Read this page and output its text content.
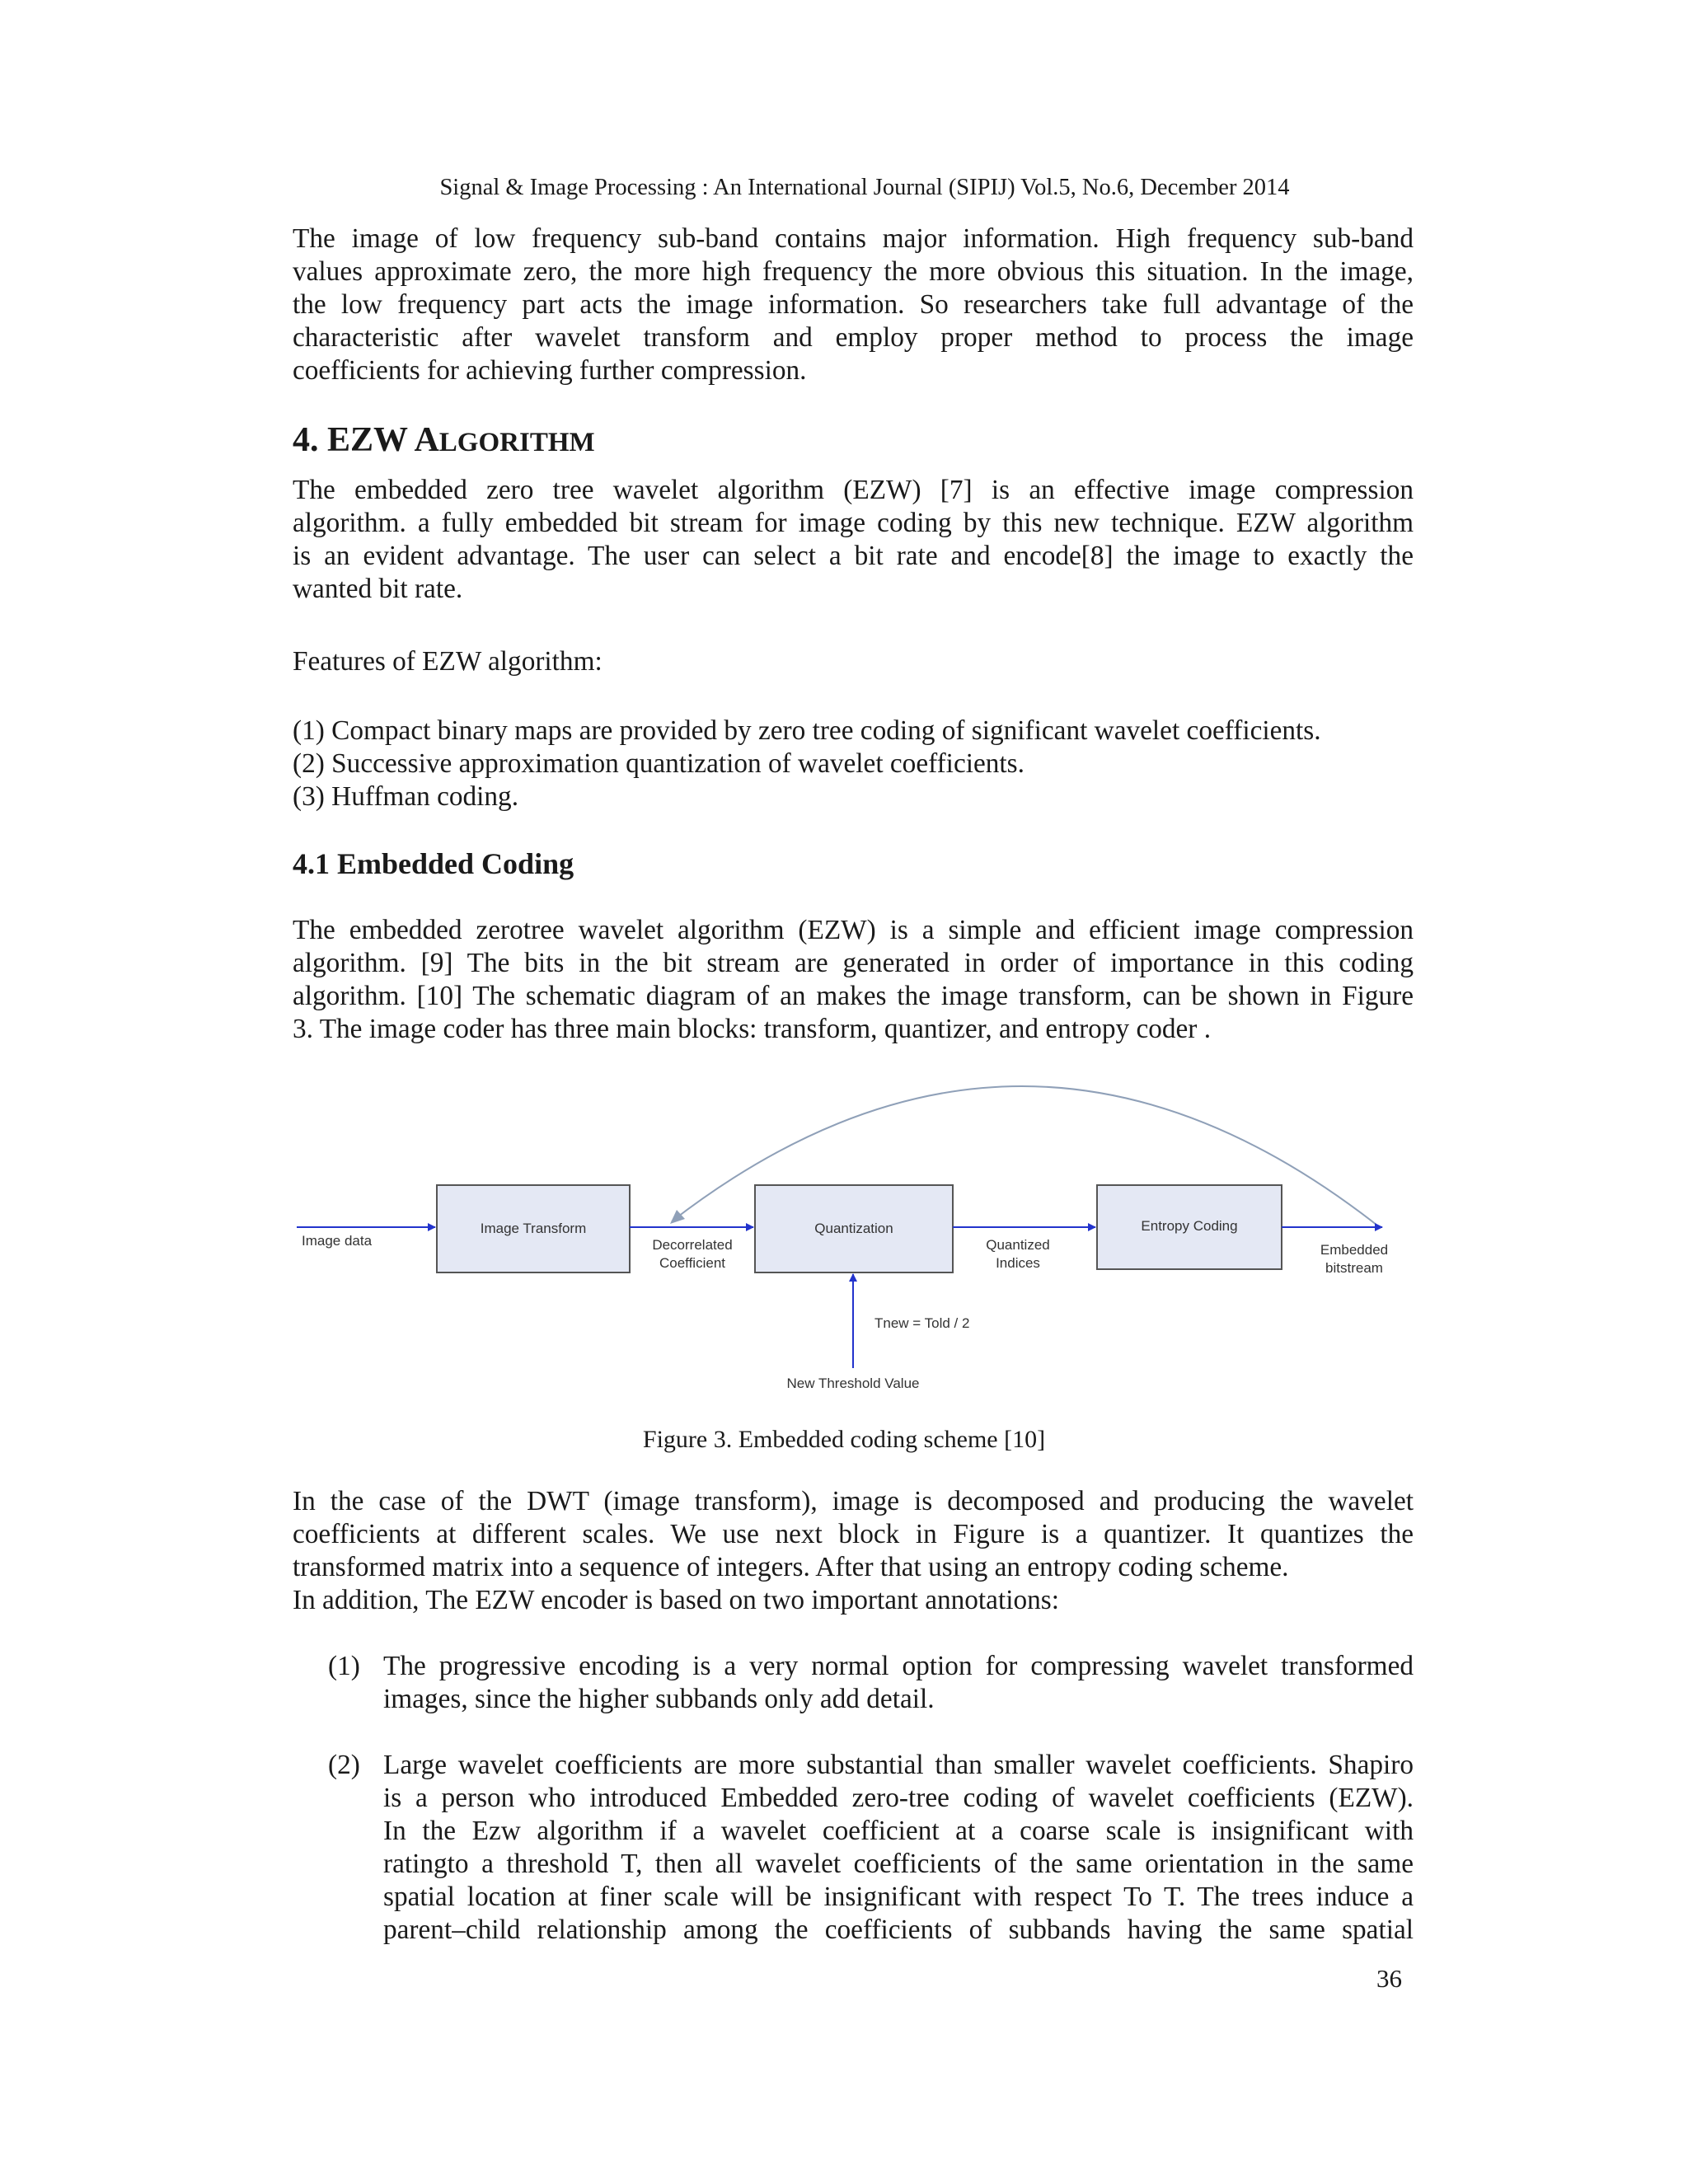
Signal & Image Processing : An International Journal (SIPIJ) Vol.5, No.6, December 2014

The image of low frequency sub-band contains major information. High frequency sub-band
values approximate zero, the more high frequency the more obvious this situation. In the image,
the low frequency part acts the image information. So researchers take full advantage of the
characteristic after wavelet transform and employ proper method to process the image
coefficients for achieving further compression.

4. EZW ALGORITHM

The embedded zero tree wavelet algorithm (EZW) [7] is an effective image compression
algorithm. a fully embedded bit stream for image coding by this new technique. EZW algorithm
is an evident advantage. The user can select a bit rate and encode[8] the image to exactly the
wanted bit rate.

Features of EZW algorithm:

(1) Compact binary maps are provided by zero tree coding of significant wavelet coefficients.
(2) Successive approximation quantization of wavelet coefficients.
(3) Huffman coding.

4.1 Embedded Coding

The embedded zerotree wavelet algorithm (EZW) is a simple and efficient image compression
algorithm. [9] The bits in the bit stream are generated in order of importance in this coding
algorithm. [10] The schematic diagram of an makes the image transform, can be shown in Figure
3. The image coder has three main blocks: transform, quantizer, and entropy coder .

Image data
Image Transform
Decorrelated
Coefficient
Quantization
Quantized
Indices
Entropy Coding
Embedded
bitstream
Tnew = Told / 2
New Threshold Value
Figure 3. Embedded coding scheme [10]

In the case of the DWT (image transform), image is decomposed and producing the wavelet
coefficients at different scales. We use next block in Figure is a quantizer. It quantizes the
transformed matrix into a sequence of integers. After that using an entropy coding scheme.

In addition, The EZW encoder is based on two important annotations:

(1) The progressive encoding is a very normal option for compressing wavelet transformed
images, since the higher subbands only add detail.
(2) Large wavelet coefficients are more substantial than smaller wavelet coefficients. Shapiro
is a person who introduced Embedded zero-tree coding of wavelet coefficients (EZW).
In the Ezw algorithm if a wavelet coefficient at a coarse scale is insignificant with
ratingto a threshold T, then all wavelet coefficients of the same orientation in the same
spatial location at finer scale will be insignificant with respect To T. The trees induce a
parent–child relationship among the coefficients of subbands having the same spatial
36
